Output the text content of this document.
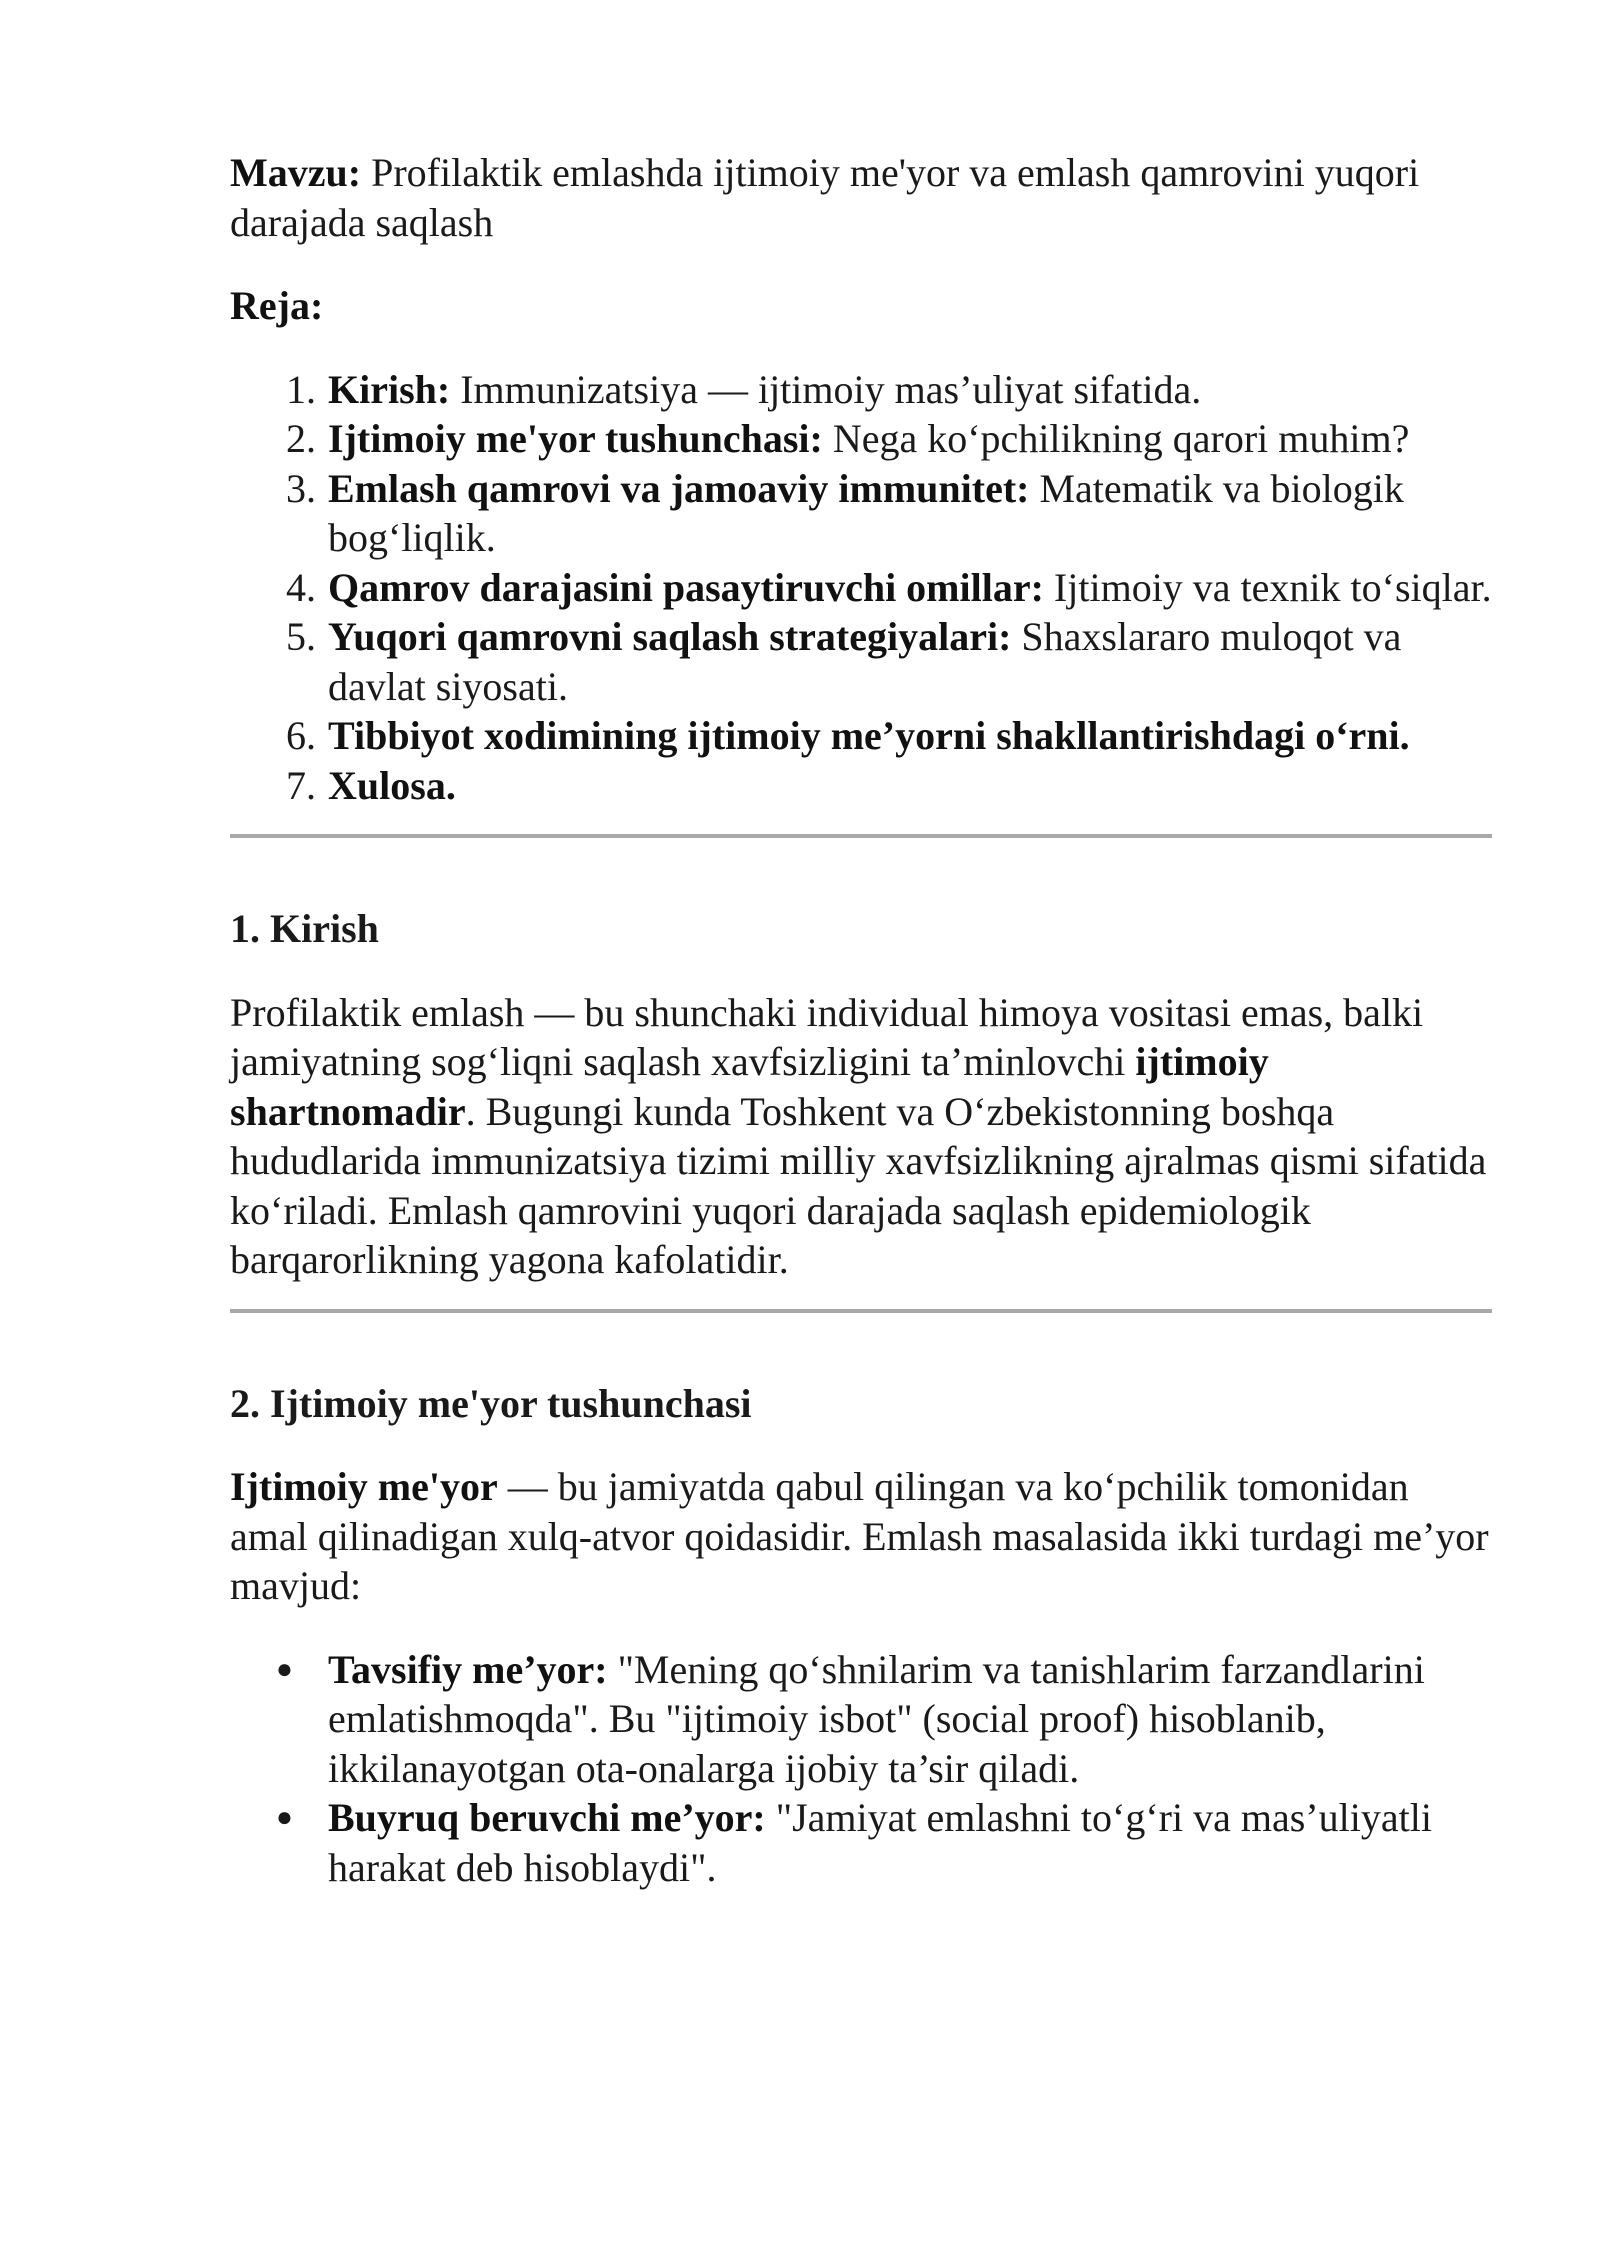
Mavzu: Profilaktik emlashda ijtimoiy me'yor va emlash qamrovini yuqori darajada saqlash

Reja:

1. Kirish: Immunizatsiya — ijtimoiy mas’uliyat sifatida.
2. Ijtimoiy me'yor tushunchasi: Nega ko‘pchilikning qarori muhim?
3. Emlash qamrovi va jamoaviy immunitet: Matematik va biologik bog‘liqlik.
4. Qamrov darajasini pasaytiruvchi omillar: Ijtimoiy va texnik to‘siqlar.
5. Yuqori qamrovni saqlash strategiyalari: Shaxslararo muloqot va davlat siyosati.
6. Tibbiyot xodimining ijtimoiy me’yorni shakllantirishdagi o‘rni.
7. Xulosa.

1. Kirish

Profilaktik emlash — bu shunchaki individual himoya vositasi emas, balki jamiyatning sog‘liqni saqlash xavfsizligini ta’minlovchi ijtimoiy shartnomadir. Bugungi kunda Toshkent va O‘zbekistonning boshqa hududlarida immunizatsiya tizimi milliy xavfsizlikning ajralmas qismi sifatida ko‘riladi. Emlash qamrovini yuqori darajada saqlash epidemiologik barqarorlikning yagona kafolatidir.

2. Ijtimoiy me'yor tushunchasi

Ijtimoiy me'yor — bu jamiyatda qabul qilingan va ko‘pchilik tomonidan amal qilinadigan xulq-atvor qoidasidir. Emlash masalasida ikki turdagi me’yor mavjud:

● Tavsifiy me’yor: "Mening qo‘shnilarim va tanishlarim farzandlarini emlatishmoqda". Bu "ijtimoiy isbot" (social proof) hisoblanib, ikkilanayotgan ota-onalarga ijobiy ta’sir qiladi.
● Buyruq beruvchi me’yor: "Jamiyat emlashni to‘g‘ri va mas’uliyatli harakat deb hisoblaydi".
